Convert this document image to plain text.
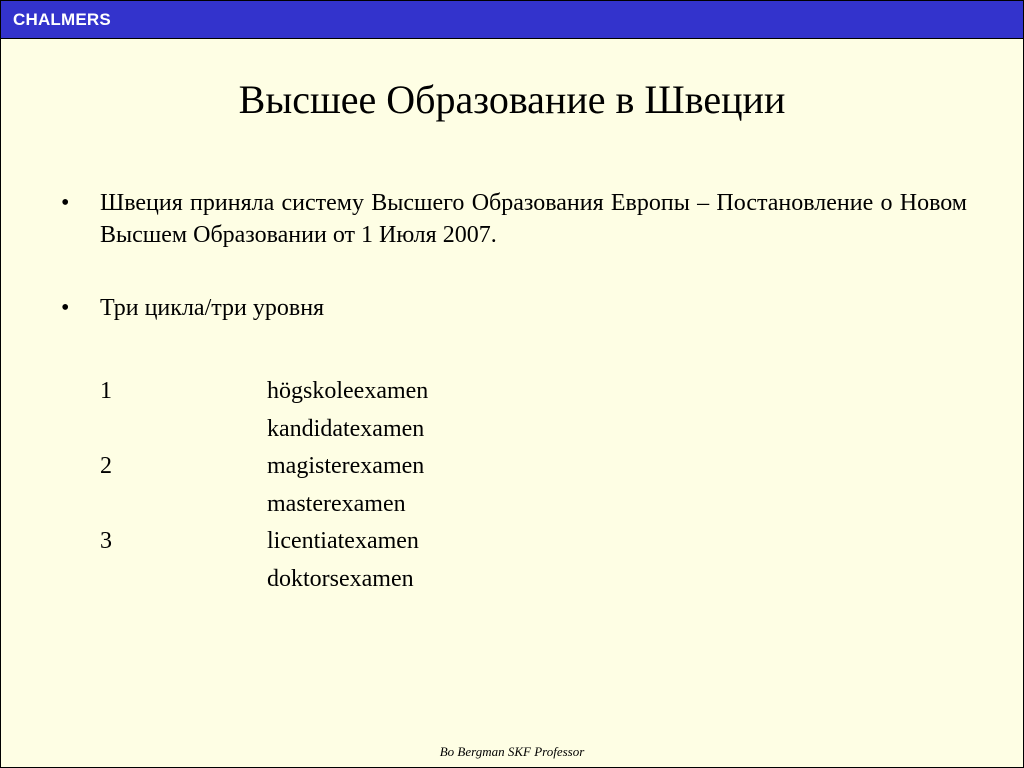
CHALMERS
Высшее Образование в Швеции
• Швеция приняла систему Высшего Образования Европы – Постановление о Новом Высшем Образовании от 1 Июля 2007.
• Три цикла/три уровня
1	högskoleexamen
kandidatexamen
2	magisterexamen
masterexamen
3	licentiatexamen
doktorsexamen
Bo Bergman SKF Professor
